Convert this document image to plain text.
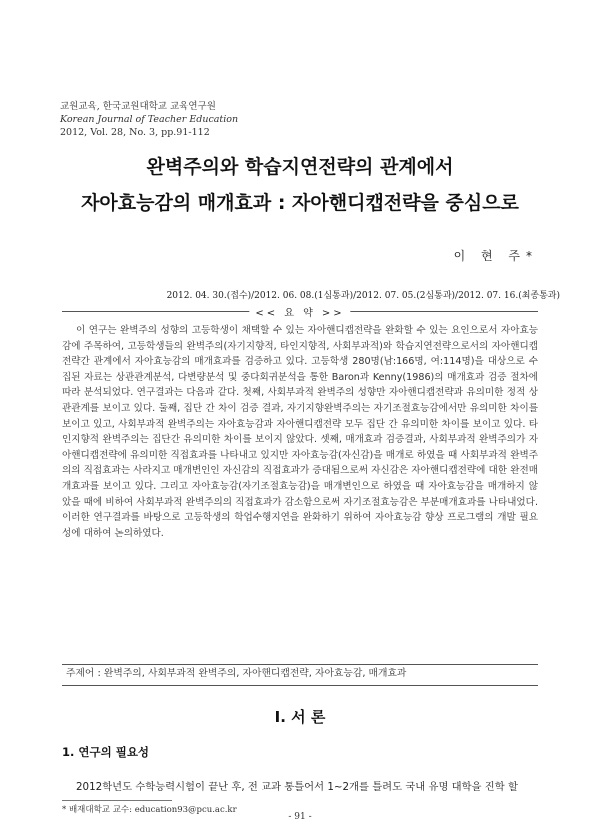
교원교육, 한국교원대학교 교육연구원
Korean Journal of Teacher Education
2012, Vol. 28, No. 3, pp.91-112
완벽주의와 학습지연전략의 관계에서
자아효능감의 매개효과 : 자아핸디캡전략을 중심으로
이 현 주*
2012. 04. 30.(접수)/2012. 06. 08.(1심통과)/2012. 07. 05.(2심통과)/2012. 07. 16.(최종통과)
<< 요 약 >>
이 연구는 완벽주의 성향의 고등학생이 채택할 수 있는 자아핸디캡전략을 완화할 수 있는 요인으로서 자아효능감에 주목하여, 고등학생들의 완벽주의(자기지향적, 타인지향적, 사회부과적)와 학습지연전략으로서의 자아핸디캡전략간 관계에서 자아효능감의 매개효과를 검증하고 있다. 고등학생 280명(남:166명, 여:114명)을 대상으로 수집된 자료는 상관관계분석, 다변량분석 및 중다회귀분석을 통한 Baron과 Kenny(1986)의 매개효과 검증 절차에 따라 분석되었다. 연구결과는 다음과 같다. 첫째, 사회부과적 완벽주의 성향만 자아핸디캡전략과 유의미한 정적 상관관계를 보이고 있다. 둘째, 집단 간 차이 검증 결과, 자기지향완벽주의는 자기조절효능감에서만 유의미한 차이를 보이고 있고, 사회부과적 완벽주의는 자아효능감과 자아핸디캡전략 모두 집단 간 유의미한 차이를 보이고 있다. 타인지향적 완벽주의는 집단간 유의미한 차이를 보이지 않았다. 셋째, 매개효과 검증결과, 사회부과적 완벽주의가 자아핸디캡전략에 유의미한 직접효과를 나타내고 있지만 자아효능감(자신감)을 매개로 하였을 때 사회부과적 완벽주의의 직접효과는 사라지고 매개변인인 자신감의 직접효과가 증대됨으로써 자신감은 자아핸디캡전략에 대한 완전매개효과를 보이고 있다. 그리고 자아효능감(자기조절효능감)을 매개변인으로 하였을 때 자아효능감을 매개하지 않았을 때에 비하여 사회부과적 완벽주의의 직접효과가 감소함으로써 자기조절효능감은 부분매개효과를 나타내었다. 이러한 연구결과를 바탕으로 고등학생의 학업수행지연을 완화하기 위하여 자아효능감 향상 프로그램의 개발 필요성에 대하여 논의하였다.
주제어 : 완벽주의, 사회부과적 완벽주의, 자아핸디캡전략, 자아효능감, 매개효과
Ⅰ. 서 론
1. 연구의 필요성
2012학년도 수학능력시험이 끝난 후, 전 교과 통틀어서 1~2개를 틀려도 국내 유명 대학을 진학 할
* 배재대학교 교수: education93@pcu.ac.kr
- 91 -
